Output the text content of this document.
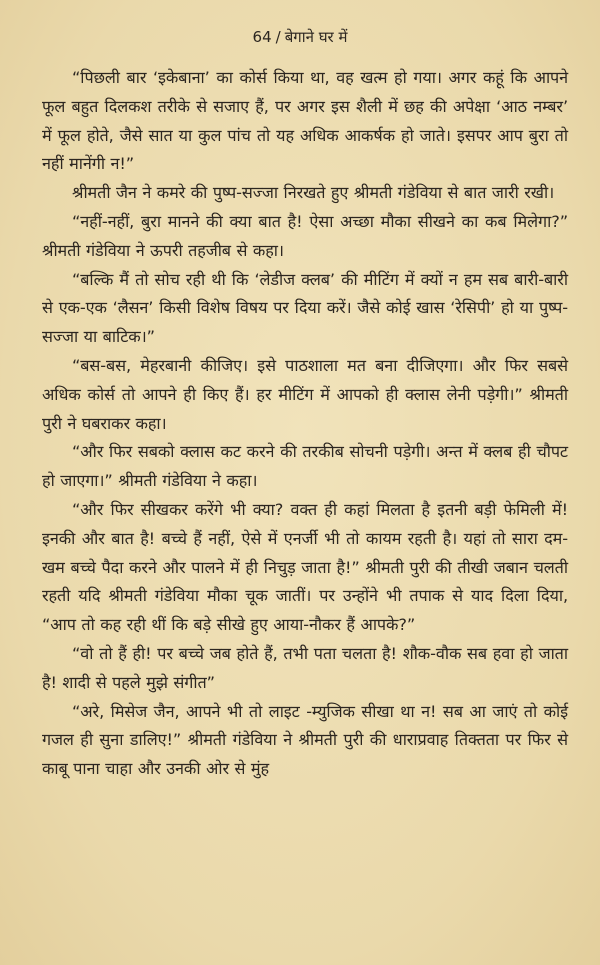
64 / बेगाने घर में

“पिछली बार ‘इकेबाना’ का कोर्स किया था, वह खत्म हो गया। अगर कहूं कि आपने फूल बहुत दिलकश तरीके से सजाए हैं, पर अगर इस शैली में छह की अपेक्षा ‘आठ नम्बर’ में फूल होते, जैसे सात या कुल पांच तो यह अधिक आकर्षक हो जाते। इसपर आप बुरा तो नहीं मानेंगी न!”

श्रीमती जैन ने कमरे की पुष्प-सज्जा निरखते हुए श्रीमती गंडेविया से बात जारी रखी।

“नहीं-नहीं, बुरा मानने की क्या बात है! ऐसा अच्छा मौका सीखने का कब मिलेगा?” श्रीमती गंडेविया ने ऊपरी तहजीब से कहा।

“बल्कि मैं तो सोच रही थी कि ‘लेडीज क्लब’ की मीटिंग में क्यों न हम सब बारी-बारी से एक-एक ‘लैसन’ किसी विशेष विषय पर दिया करें। जैसे कोई खास ‘रेसिपी’ हो या पुष्प-सज्जा या बाटिक।”

“बस-बस, मेहरबानी कीजिए। इसे पाठशाला मत बना दीजिएगा। और फिर सबसे अधिक कोर्स तो आपने ही किए हैं। हर मीटिंग में आपको ही क्लास लेनी पड़ेगी।” श्रीमती पुरी ने घबराकर कहा।

“और फिर सबको क्लास कट करने की तरकीब सोचनी पड़ेगी। अन्त में क्लब ही चौपट हो जाएगा।” श्रीमती गंडेविया ने कहा।

“और फिर सीखकर करेंगे भी क्या? वक्त ही कहां मिलता है इतनी बड़ी फेमिली में! इनकी और बात है! बच्चे हैं नहीं, ऐसे में एनर्जी भी तो कायम रहती है। यहां तो सारा दम-खम बच्चे पैदा करने और पालने में ही निचुड़ जाता है!” श्रीमती पुरी की तीखी जबान चलती रहती यदि श्रीमती गंडेविया मौका चूक जातीं। पर उन्होंने भी तपाक से याद दिला दिया, “आप तो कह रही थीं कि बड़े सीखे हुए आया-नौकर हैं आपके?”

“वो तो हैं ही! पर बच्चे जब होते हैं, तभी पता चलता है! शौक-वौक सब हवा हो जाता है! शादी से पहले मुझे संगीत”

“अरे, मिसेज जैन, आपने भी तो लाइट -म्युजिक सीखा था न! सब आ जाएं तो कोई गजल ही सुना डालिए!” श्रीमती गंडेविया ने श्रीमती पुरी की धाराप्रवाह तिक्तता पर फिर से काबू पाना चाहा और उनकी ओर से मुंह
